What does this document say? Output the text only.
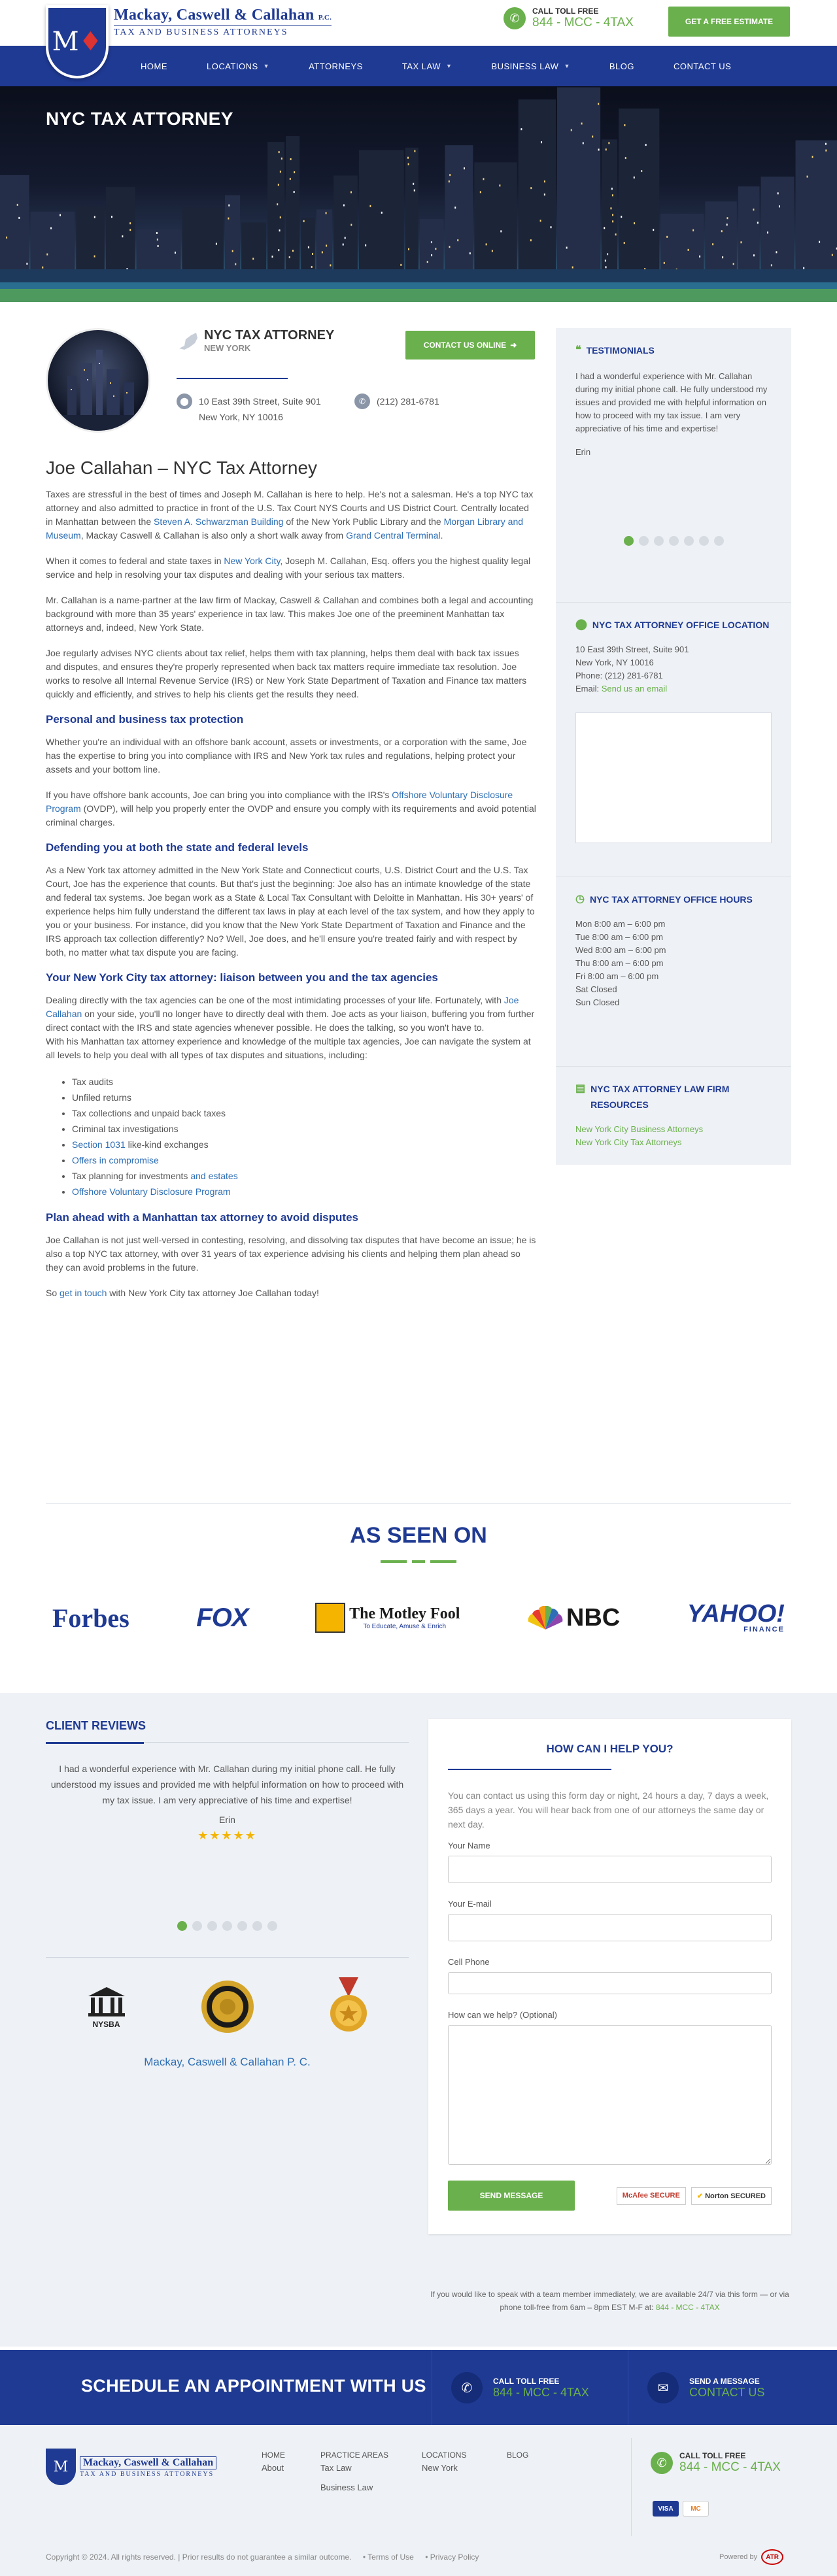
M ♦
Mackay, Caswell & Callahan P.C.
TAX AND BUSINESS ATTORNEYS
✆
CALL TOLL FREE
844 - MCC - 4TAX	GET A FREE ESTIMATE
HOME	LOCATIONS ▼	ATTORNEYS	TAX LAW ▼	BUSINESS LAW ▼	BLOG	CONTACT US
NYC TAX ATTORNEY
NYC TAX ATTORNEY
NEW YORK	CONTACT US ONLINE ➜
⬤	10 East 39th Street, Suite 901
New York, NY 10016
✆	(212) 281-6781
Joe Callahan – NYC Tax Attorney

Taxes are stressful in the best of times and Joseph M. Callahan is here to help. He's not a salesman. He's a top NYC tax attorney and also admitted to practice in front of the U.S. Tax Court NYS Courts and US District Court. Centrally located in Manhattan between the Steven A. Schwarzman Building of the New York Public Library and the Morgan Library and Museum, Mackay Caswell & Callahan is also only a short walk away from Grand Central Terminal.

When it comes to federal and state taxes in New York City, Joseph M. Callahan, Esq. offers you the highest quality legal service and help in resolving your tax disputes and dealing with your serious tax matters.

Mr. Callahan is a name-partner at the law firm of Mackay, Caswell & Callahan and combines both a legal and accounting background with more than 35 years' experience in tax law. This makes Joe one of the preeminent Manhattan tax attorneys and, indeed, New York State.

Joe regularly advises NYC clients about tax relief, helps them with tax planning, helps them deal with back tax issues and disputes, and ensures they're properly represented when back tax matters require immediate tax resolution. Joe works to resolve all Internal Revenue Service (IRS) or New York State Department of Taxation and Finance tax matters quickly and efficiently, and strives to help his clients get the results they need.

Personal and business tax protection

Whether you're an individual with an offshore bank account, assets or investments, or a corporation with the same, Joe has the expertise to bring you into compliance with IRS and New York tax rules and regulations, helping protect your assets and your bottom line.

If you have offshore bank accounts, Joe can bring you into compliance with the IRS's Offshore Voluntary Disclosure Program (OVDP), will help you properly enter the OVDP and ensure you comply with its requirements and avoid potential criminal charges.

Defending you at both the state and federal levels

As a New York tax attorney admitted in the New York State and Connecticut courts, U.S. District Court and the U.S. Tax Court, Joe has the experience that counts. But that's just the beginning: Joe also has an intimate knowledge of the state and federal tax systems. Joe began work as a State & Local Tax Consultant with Deloitte in Manhattan. His 30+ years' of experience helps him fully understand the different tax laws in play at each level of the tax system, and how they apply to you or your business. For instance, did you know that the New York State Department of Taxation and Finance and the IRS approach tax collection differently? No? Well, Joe does, and he'll ensure you're treated fairly and with respect by both, no matter what tax dispute you are facing.

Your New York City tax attorney: liaison between you and the tax agencies

Dealing directly with the tax agencies can be one of the most intimidating processes of your life. Fortunately, with Joe Callahan on your side, you'll no longer have to directly deal with them. Joe acts as your liaison, buffering you from further direct contact with the IRS and state agencies whenever possible. He does the talking, so you won't have to.

With his Manhattan tax attorney experience and knowledge of the multiple tax agencies, Joe can navigate the system at all levels to help you deal with all types of tax disputes and situations, including:

• Tax audits
• Unfiled returns
• Tax collections and unpaid back taxes
• Criminal tax investigations
• Section 1031 like-kind exchanges
• Offers in compromise
• Tax planning for investments and estates
• Offshore Voluntary Disclosure Program
Plan ahead with a Manhattan tax attorney to avoid disputes

Joe Callahan is not just well-versed in contesting, resolving, and dissolving tax disputes that have become an issue; he is also a top NYC tax attorney, with over 31 years of tax experience advising his clients and helping them plan ahead so they can avoid problems in the future.

So get in touch with New York City tax attorney Joe Callahan today!

❝ TESTIMONIALS

I had a wonderful experience with Mr. Callahan during my initial phone call. He fully understood my issues and provided me with helpful information on how to proceed with my tax issue. I am very appreciative of his time and expertise!

Erin

⬤ NYC TAX ATTORNEY OFFICE LOCATION

10 East 39th Street, Suite 901

New York, NY 10016

Phone: (212) 281-6781

Email: Send us an email

◷ NYC TAX ATTORNEY OFFICE HOURS

Mon 8:00 am – 6:00 pm

Tue 8:00 am – 6:00 pm

Wed 8:00 am – 6:00 pm

Thu 8:00 am – 6:00 pm

Fri 8:00 am – 6:00 pm

Sat Closed

Sun Closed

▤ NYC TAX ATTORNEY LAW FIRM RESOURCES

New York City Business Attorneys

New York City Tax Attorneys

AS SEEN ON
Forbes	FOX	The Motley Fool
To Educate, Amuse & Enrich	NBC	YAHOO!
FINANCE
CLIENT REVIEWS
I had a wonderful experience with Mr. Callahan during my initial phone call. He fully understood my issues and provided me with helpful information on how to proceed with my tax issue. I am very appreciative of his time and expertise!
Erin
★★★★★
NYSBA
Mackay, Caswell & Callahan P. C.
HOW CAN I HELP YOU?

You can contact us using this form day or night, 24 hours a day, 7 days a week, 365 days a year. You will hear back from one of our attorneys the same day or next day.

Your Name
Your E-mail
Cell Phone
How can we help? (Optional)
SEND MESSAGE	McAfee SECURE	✔ Norton SECURED
If you would like to speak with a team member immediately, we are available 24/7 via this form — or via phone toll-free from 6am – 8pm EST M-F at: 844 - MCC - 4TAX
SCHEDULE AN APPOINTMENT WITH US	✆	CALL TOLL FREE
844 - MCC - 4TAX	✉	SEND A MESSAGE
CONTACT US
M	Mackay, Caswell & Callahan
TAX AND BUSINESS ATTORNEYS
HOME
About
PRACTICE AREAS
Tax Law
Business Law
LOCATIONS
New York
BLOG
✆
CALL TOLL FREE
844 - MCC - 4TAX
VISA	MC
Copyright © 2024. All rights reserved. | Prior results do not guarantee a similar outcome. • Terms of Use • Privacy Policy	Powered by	ATR
